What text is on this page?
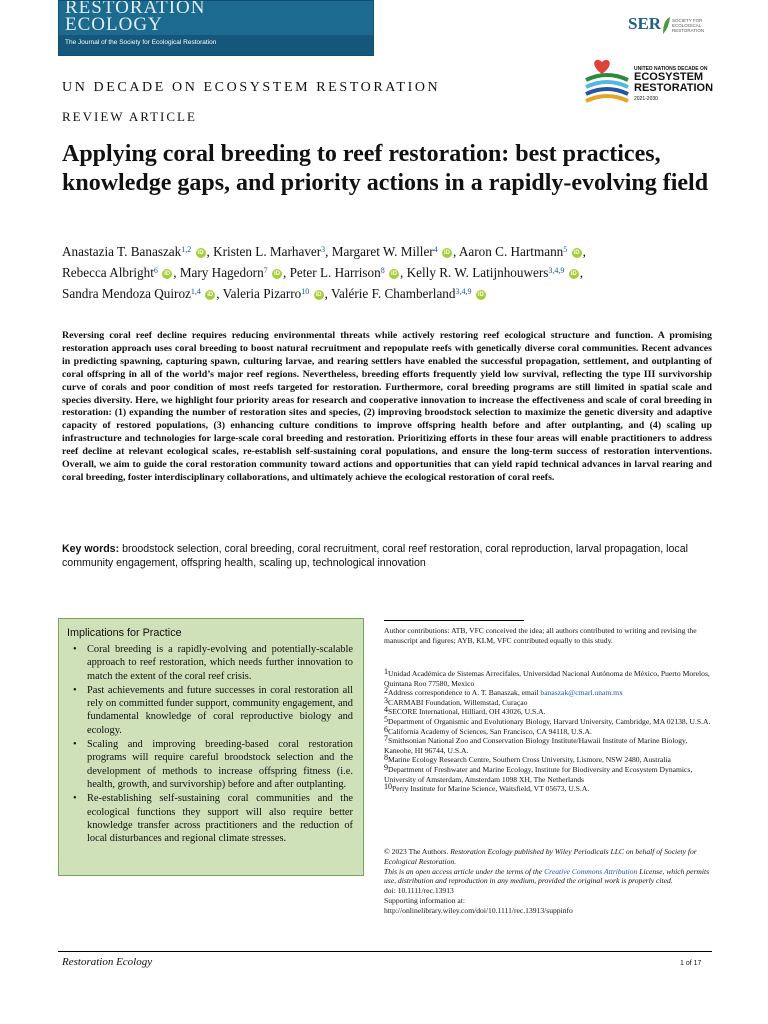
RESTORATION
ECOLOGY
The Journal of the Society for Ecological Restoration
SER SOCIETY FOR ECOLOGICAL RESTORATION
UNITED NATIONS DECADE ON
ECOSYSTEM
RESTORATION
2021-2030
UN DECADE ON ECOSYSTEM RESTORATION
REVIEW ARTICLE
Applying coral breeding to reef restoration: best practices, knowledge gaps, and priority actions in a rapidly-evolving field
Anastazia T. Banaszak$^{1,2}$ iD , Kristen L. Marhaver$^3$, Margaret W. Miller$^4$ iD , Aaron C. Hartmann$^5$ iD ,
Rebecca Albright$^6$ iD , Mary Hagedorn$^7$ iD , Peter L. Harrison$^8$ iD , Kelly R. W. Latijnhouwers$^{3,4,9}$ iD ,
Sandra Mendoza Quiroz$^{1,4}$ iD , Valeria Pizarro$^{10}$ iD , Valérie F. Chamberland$^{3,4,9}$ iD
Reversing coral reef decline requires reducing environmental threats while actively restoring reef ecological structure and function. A promising restoration approach uses coral breeding to boost natural recruitment and repopulate reefs with genetically diverse coral communities. Recent advances in predicting spawning, capturing spawn, culturing larvae, and rearing settlers have enabled the successful propagation, settlement, and outplanting of coral offspring in all of the world’s major reef regions. Nevertheless, breeding efforts frequently yield low survival, reflecting the type III survivorship curve of corals and poor condition of most reefs targeted for restoration. Furthermore, coral breeding programs are still limited in spatial scale and species diversity. Here, we highlight four priority areas for research and cooperative innovation to increase the effectiveness and scale of coral breeding in restoration: (1) expanding the number of restoration sites and species, (2) improving broodstock selection to maximize the genetic diversity and adaptive capacity of restored populations, (3) enhancing culture conditions to improve offspring health before and after outplanting, and (4) scaling up infrastructure and technologies for large-scale coral breeding and restoration. Prioritizing efforts in these four areas will enable practitioners to address reef decline at relevant ecological scales, re-establish self-sustaining coral populations, and ensure the long-term success of restoration interventions. Overall, we aim to guide the coral restoration community toward actions and opportunities that can yield rapid technical advances in larval rearing and coral breeding, foster interdisciplinary collaborations, and ultimately achieve the ecological restoration of coral reefs.
Key words: broodstock selection, coral breeding, coral recruitment, coral reef restoration, coral reproduction, larval propagation, local community engagement, offspring health, scaling up, technological innovation
Implications for Practice
• Coral breeding is a rapidly-evolving and potentially-scalable approach to reef restoration, which needs further innovation to match the extent of the coral reef crisis.
• Past achievements and future successes in coral restoration all rely on committed funder support, community engagement, and fundamental knowledge of coral reproductive biology and ecology.
• Scaling and improving breeding-based coral restoration programs will require careful broodstock selection and the development of methods to increase offspring fitness (i.e. health, growth, and survivorship) before and after outplanting.
• Re-establishing self-sustaining coral communities and the ecological functions they support will also require better knowledge transfer across practitioners and the reduction of local disturbances and regional climate stresses.
Author contributions: ATB, VFC conceived the idea; all authors contributed to writing and revising the manuscript and figures; AYB, KLM, VFC contributed equally to this study.
$^1$Unidad Académica de Sistemas Arrecifales, Universidad Nacional Autónoma de México, Puerto Morelos, Quintana Roo 77580, Mexico
$^2$Address correspondence to A. T. Banaszak, email banaszak@cmarl.unam.mx
$^3$CARMABI Foundation, Willemstad, Curaçao
$^4$SECORE International, Hilliard, OH 43026, U.S.A.
$^5$Department of Organismic and Evolutionary Biology, Harvard University, Cambridge, MA 02138, U.S.A.
$^6$California Academy of Sciences, San Francisco, CA 94118, U.S.A.
$^7$Smithsonian National Zoo and Conservation Biology Institute/Hawaii Institute of Marine Biology, Kaneohe, HI 96744, U.S.A.
$^8$Marine Ecology Research Centre, Southern Cross University, Lismore, NSW 2480, Australia
$^9$Department of Freshwater and Marine Ecology, Institute for Biodiversity and Ecosystem Dynamics, University of Amsterdam, Amsterdam 1098 XH, The Netherlands
$^{10}$Perry Institute for Marine Science, Waitsfield, VT 05673, U.S.A.
© 2023 The Authors. Restoration Ecology published by Wiley Periodicals LLC on behalf of Society for Ecological Restoration.
This is an open access article under the terms of the Creative Commons Attribution License, which permits use, distribution and reproduction in any medium, provided the original work is properly cited.
doi: 10.1111/rec.13913
Supporting information at:
http://onlinelibrary.wiley.com/doi/10.1111/rec.13913/suppinfo
Restoration Ecology	1 of 17
